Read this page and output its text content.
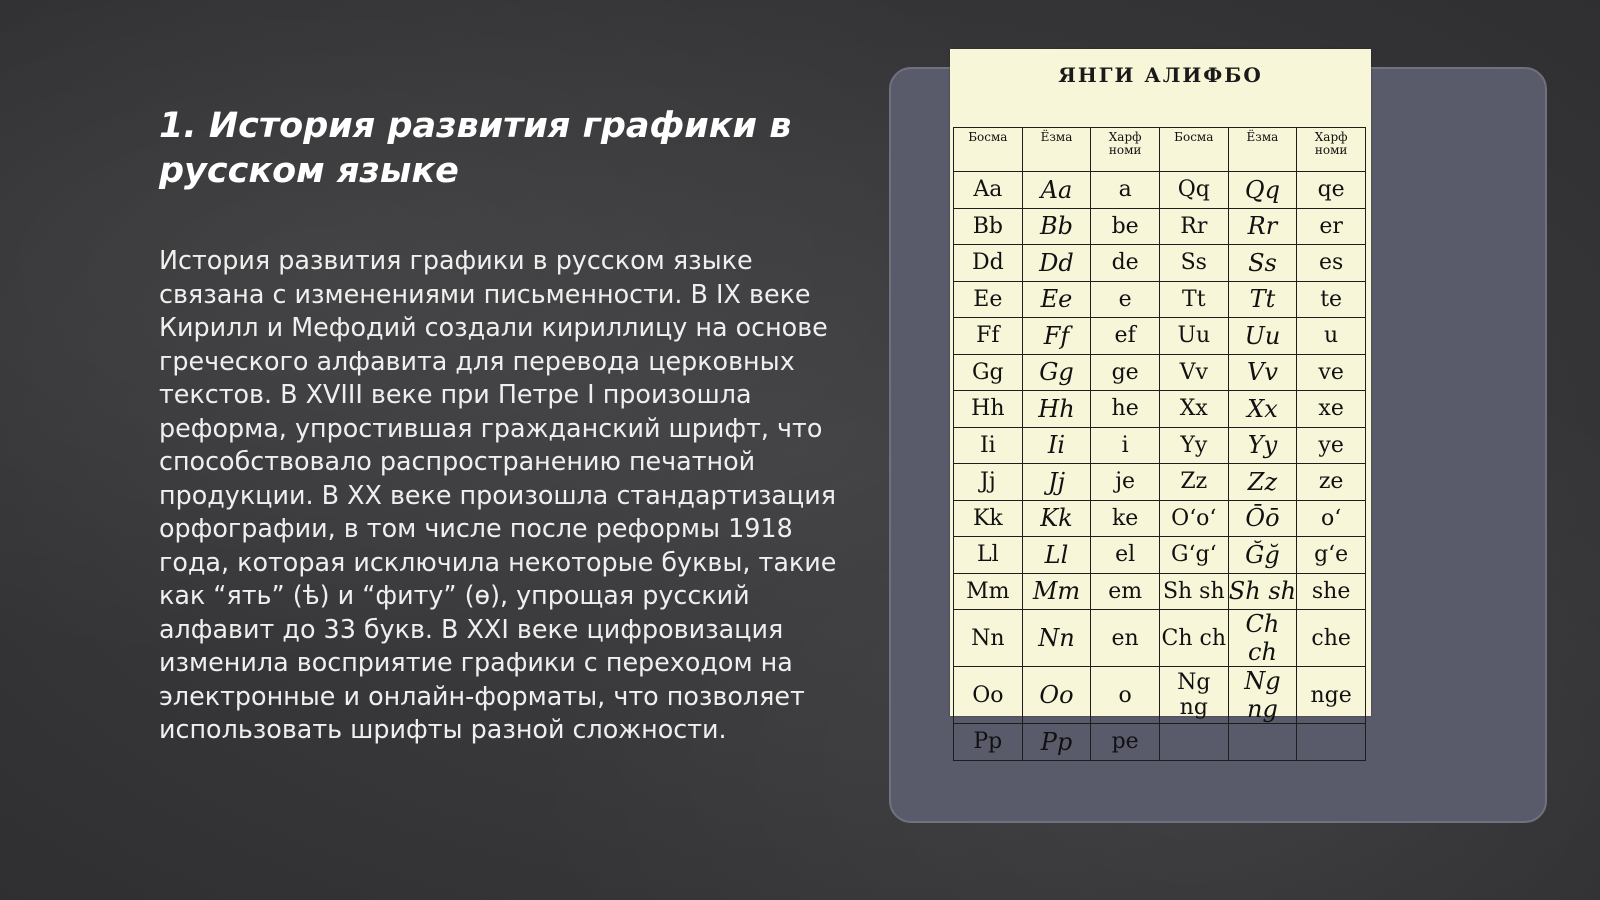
1. История развития графики в русском языке

История развития графики в русском языке связана с изменениями письменности. В IX веке Кирилл и Мефодий создали кириллицу на основе греческого алфавита для перевода церковных текстов. В XVIII веке при Петре I произошла реформа, упростившая гражданский шрифт, что способствовало распространению печатной продукции. В XX веке произошла стандартизация орфографии, в том числе после реформы 1918 года, которая исключила некоторые буквы, такие как “ять” (ѣ) и “фиту” (ѳ), упрощая русский алфавит до 33 букв. В XXI веке цифровизация изменила восприятие графики с переходом на электронные и онлайн-форматы, что позволяет использовать шрифты разной сложности.

ЯНГИ АЛИФБО
Босма	Ёзма	Харф номи	Босма	Ёзма	Харф номи
Aa	Aa	a	Qq	Qq	qe
Bb	Bb	be	Rr	Rr	er
Dd	Dd	de	Ss	Ss	es
Ee	Ee	e	Tt	Tt	te
Ff	Ff	ef	Uu	Uu	u
Gg	Gg	ge	Vv	Vv	ve
Hh	Hh	he	Xx	Xx	xe
Ii	Ii	i	Yy	Yy	ye
Jj	Jj	je	Zz	Zz	ze
Kk	Kk	ke	O‘o‘	Ōō	o‘
Ll	Ll	el	G‘g‘	Ğğ	g‘e
Mm	Mm	em	Sh sh	Sh sh	she
Nn	Nn	en	Ch ch	Ch ch	che
Oo	Oo	o	Ng ng	Ng ng	nge
Pp	Pp	pe			
